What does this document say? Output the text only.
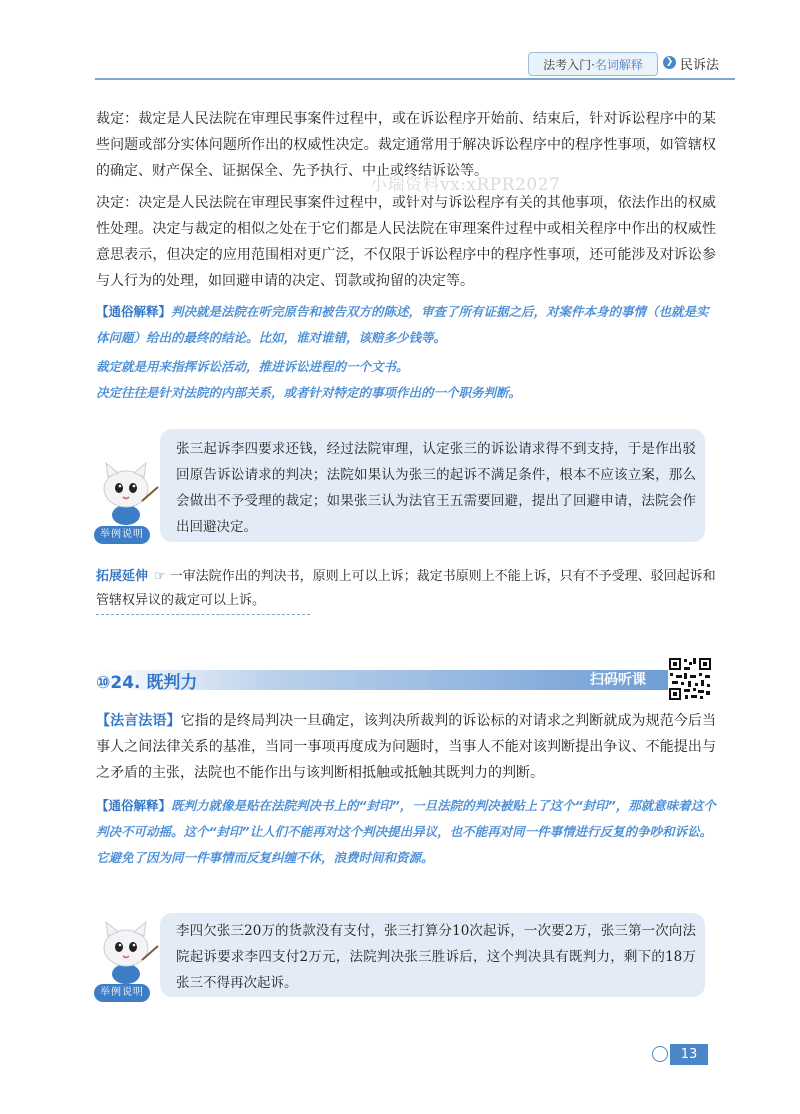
法考入门· 名词解释	❯ 民诉法
裁定：裁定是人民法院在审理民事案件过程中，或在诉讼程序开始前、结束后，针对诉讼程序中的某些问题或部分实体问题所作出的权威性决定。裁定通常用于解决诉讼程序中的程序性事项，如管辖权的确定、财产保全、证据保全、先予执行、中止或终结诉讼等。
小瑞资料vx:xRPR2027
决定：决定是人民法院在审理民事案件过程中，或针对与诉讼程序有关的其他事项，依法作出的权威性处理。决定与裁定的相似之处在于它们都是人民法院在审理案件过程中或相关程序中作出的权威性意思表示，但决定的应用范围相对更广泛，不仅限于诉讼程序中的程序性事项，还可能涉及对诉讼参与人行为的处理，如回避申请的决定、罚款或拘留的决定等。
【通俗解释】判决就是法院在听完原告和被告双方的陈述，审查了所有证据之后，对案件本身的事情（也就是实体问题）给出的最终的结论。比如，谁对谁错，该赔多少钱等。
裁定就是用来指挥诉讼活动，推进诉讼进程的一个文书。
决定往往是针对法院的内部关系，或者针对特定的事项作出的一个职务判断。
张三起诉李四要求还钱，经过法院审理，认定张三的诉讼请求得不到支持，于是作出驳回原告诉讼请求的判决；法院如果认为张三的起诉不满足条件，根本不应该立案，那么会做出不予受理的裁定；如果张三认为法官王五需要回避，提出了回避申请，法院会作出回避决定。
举例说明
拓展延伸 ☞ 一审法院作出的判决书，原则上可以上诉；裁定书原则上不能上诉，只有不予受理、驳回起诉和管辖权异议的裁定可以上诉。
⑩24. 既判力	扫码听课
【法言法语】它指的是终局判决一旦确定，该判决所裁判的诉讼标的对请求之判断就成为规范今后当事人之间法律关系的基准，当同一事项再度成为问题时，当事人不能对该判断提出争议、不能提出与之矛盾的主张，法院也不能作出与该判断相抵触或抵触其既判力的判断。
【通俗解释】既判力就像是贴在法院判决书上的“封印”，一旦法院的判决被贴上了这个“封印”，那就意味着这个判决不可动摇。这个“封印”让人们不能再对这个判决提出异议，也不能再对同一件事情进行反复的争吵和诉讼。它避免了因为同一件事情而反复纠缠不休，浪费时间和资源。
李四欠张三20万的货款没有支付，张三打算分10次起诉，一次要2万，张三第一次向法院起诉要求李四支付2万元，法院判决张三胜诉后，这个判决具有既判力，剩下的18万张三不得再次起诉。
举例说明
13
